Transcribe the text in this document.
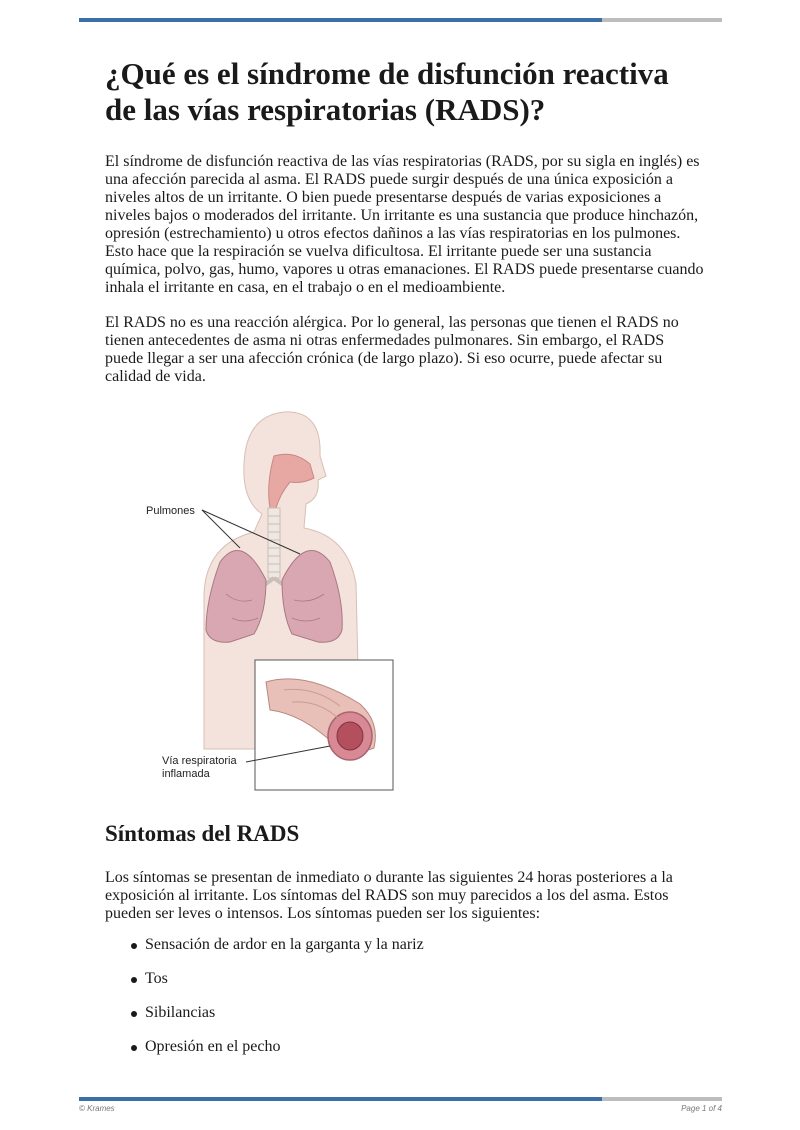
¿Qué es el síndrome de disfunción reactiva de las vías respiratorias (RADS)?

El síndrome de disfunción reactiva de las vías respiratorias (RADS, por su sigla en inglés) es una afección parecida al asma. El RADS puede surgir después de una única exposición a niveles altos de un irritante. O bien puede presentarse después de varias exposiciones a niveles bajos o moderados del irritante. Un irritante es una sustancia que produce hinchazón, opresión (estrechamiento) u otros efectos dañinos a las vías respiratorias en los pulmones. Esto hace que la respiración se vuelva dificultosa. El irritante puede ser una sustancia química, polvo, gas, humo, vapores u otras emanaciones. El RADS puede presentarse cuando inhala el irritante en casa, en el trabajo o en el medioambiente.

El RADS no es una reacción alérgica. Por lo general, las personas que tienen el RADS no tienen antecedentes de asma ni otras enfermedades pulmonares. Sin embargo, el RADS puede llegar a ser una afección crónica (de largo plazo). Si eso ocurre, puede afectar su calidad de vida.

Pulmones
Vía respiratoria
inflamada
Síntomas del RADS

Los síntomas se presentan de inmediato o durante las siguientes 24 horas posteriores a la exposición al irritante. Los síntomas del RADS son muy parecidos a los del asma. Estos pueden ser leves o intensos. Los síntomas pueden ser los siguientes:

Sensación de ardor en la garganta y la nariz
Tos
Sibilancias
Opresión en el pecho
© Krames	Page 1 of 4
